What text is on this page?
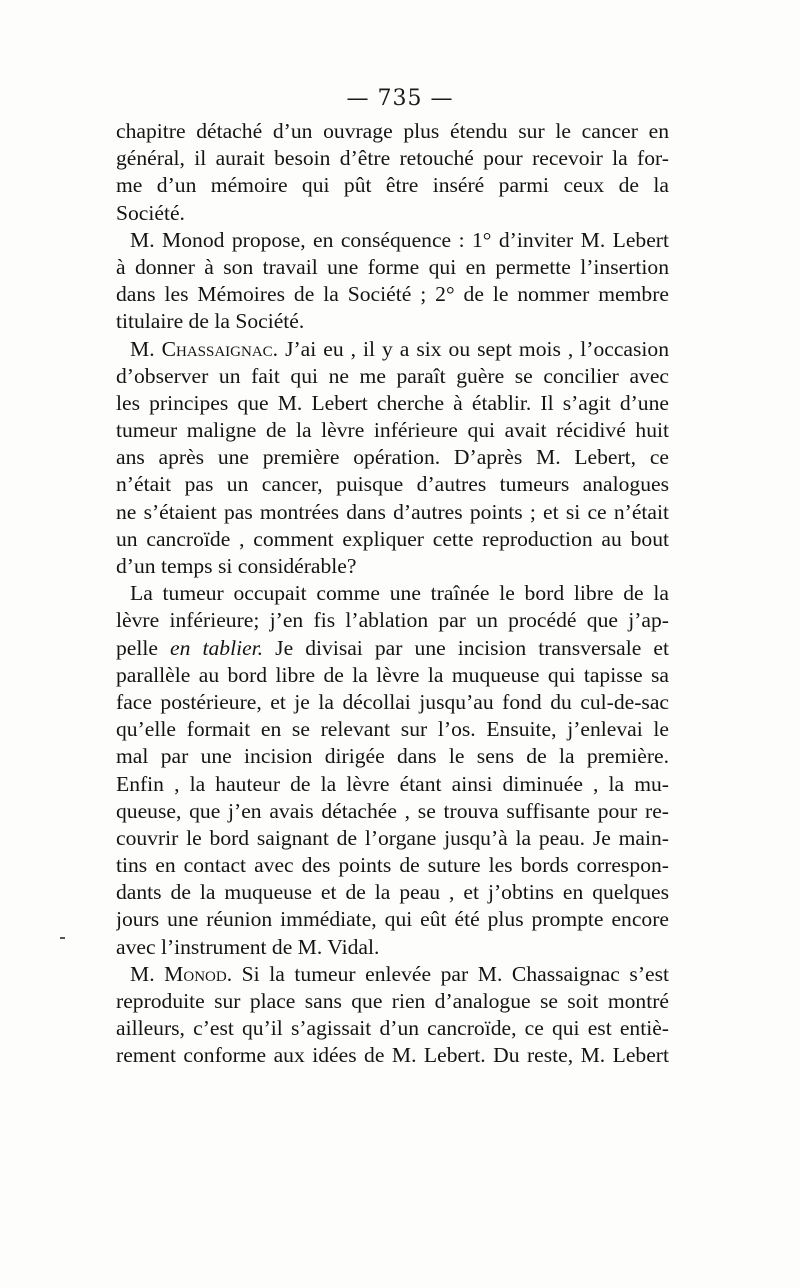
— 735 —
chapitre détaché d’un ouvrage plus étendu sur le cancer en
général, il aurait besoin d’être retouché pour recevoir la for-
me d’un mémoire qui pût être inséré parmi ceux de la
Société.
M. Monod propose, en conséquence : 1° d’inviter M. Lebert
à donner à son travail une forme qui en permette l’insertion
dans les Mémoires de la Société ; 2° de le nommer membre
titulaire de la Société.
M. Chassaignac. J’ai eu , il y a six ou sept mois , l’occasion
d’observer un fait qui ne me paraît guère se concilier avec
les principes que M. Lebert cherche à établir. Il s’agit d’une
tumeur maligne de la lèvre inférieure qui avait récidivé huit
ans après une première opération. D’après M. Lebert, ce
n’était pas un cancer, puisque d’autres tumeurs analogues
ne s’étaient pas montrées dans d’autres points ; et si ce n’était
un cancroïde , comment expliquer cette reproduction au bout
d’un temps si considérable?
La tumeur occupait comme une traînée le bord libre de la
lèvre inférieure; j’en fis l’ablation par un procédé que j’ap-
pelle en tablier. Je divisai par une incision transversale et
parallèle au bord libre de la lèvre la muqueuse qui tapisse sa
face postérieure, et je la décollai jusqu’au fond du cul-de-sac
qu’elle formait en se relevant sur l’os. Ensuite, j’enlevai le
mal par une incision dirigée dans le sens de la première.
Enfin , la hauteur de la lèvre étant ainsi diminuée , la mu-
queuse, que j’en avais détachée , se trouva suffisante pour re-
couvrir le bord saignant de l’organe jusqu’à la peau. Je main-
tins en contact avec des points de suture les bords correspon-
dants de la muqueuse et de la peau , et j’obtins en quelques
jours une réunion immédiate, qui eût été plus prompte encore
avec l’instrument de M. Vidal.
M. Monod. Si la tumeur enlevée par M. Chassaignac s’est
reproduite sur place sans que rien d’analogue se soit montré
ailleurs, c’est qu’il s’agissait d’un cancroïde, ce qui est entiè-
rement conforme aux idées de M. Lebert. Du reste, M. Lebert
